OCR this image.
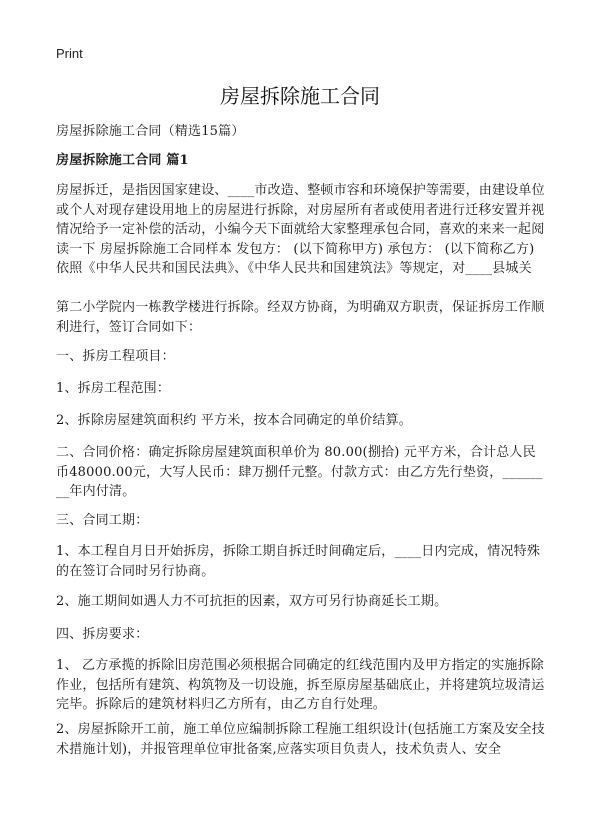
Print
房屋拆除施工合同

房屋拆除施工合同（精选15篇）

房屋拆除施工合同 篇1

房屋拆迁，是指因国家建设、____市改造、整顿市容和环境保护等需要，由建设单位或个人对现存建设用地上的房屋进行拆除，对房屋所有者或使用者进行迁移安置并视情况给予一定补偿的活动，小编今天下面就给大家整理承包合同，喜欢的来来一起阅读一下 房屋拆除施工合同样本 发包方： (以下简称甲方) 承包方： (以下简称乙方) 依照《中华人民共和国民法典》、《中华人民共和国建筑法》等规定，对____县城关

第二小学院内一栋教学楼进行拆除。经双方协商，为明确双方职责，保证拆房工作顺利进行，签订合同如下：

一、拆房工程项目：

1、拆房工程范围：

2、拆除房屋建筑面积约 平方米，按本合同确定的单价结算。

二、合同价格：确定拆除房屋建筑面积单价为 80.00(捌拾) 元平方米，合计总人民币48000.00元，大写人民币：肆万捌仟元整。付款方式：由乙方先行垫资，________年内付清。

三、合同工期：

1、本工程自月日开始拆房，拆除工期自拆迁时间确定后，____日内完成，情况特殊的在签订合同时另行协商。

2、施工期间如遇人力不可抗拒的因素，双方可另行协商延长工期。

四、拆房要求：

1、 乙方承揽的拆除旧房范围必须根据合同确定的红线范围内及甲方指定的实施拆除作业，包括所有建筑、构筑物及一切设施，拆至原房屋基础底止，并将建筑垃圾清运完毕。拆除后的建筑材料归乙方所有，由乙方自行处理。

2、房屋拆除开工前，施工单位应编制拆除工程施工组织设计(包括施工方案及安全技术措施计划)，并报管理单位审批备案,应落实项目负责人，技术负责人、安全
